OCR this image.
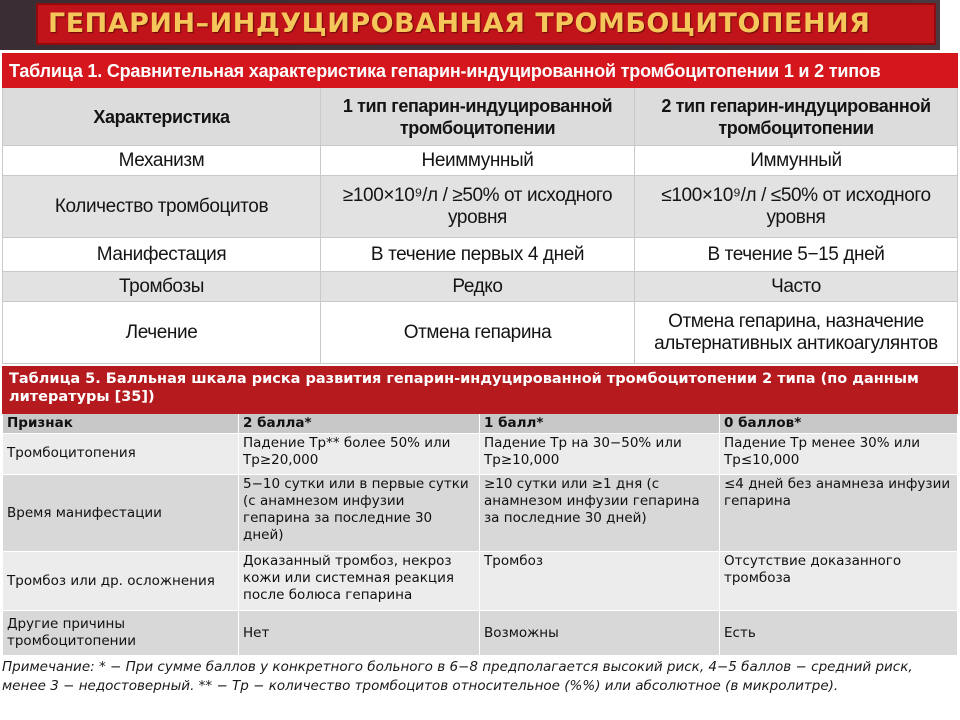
ГЕПАРИН–ИНДУЦИРОВАННАЯ ТРОМБОЦИТОПЕНИЯ
Таблица 1. Сравнительная характеристика гепарин-индуцированной тромбоцитопении 1 и 2 типов		
Характеристика	1 тип гепарин-индуцированной тромбоцитопении	2 тип гепарин-индуцированной тромбоцитопении
Механизм	Неиммунный	Иммунный
Количество тромбоцитов	≥100×10⁹/л / ≥50% от исходного уровня	≤100×10⁹/л / ≤50% от исходного уровня
Манифестация	В течение первых 4 дней	В течение 5−15 дней
Тромбозы	Редко	Часто
Лечение	Отмена гепарина	Отмена гепарина, назначение альтернативных антикоагулянтов
Таблица 5. Балльная шкала риска развития гепарин-индуцированной тромбоцитопении 2 типа (по данным литературы [35])			
Признак	2 балла*	1 балл*	0 баллов*
Тромбоцитопения	Падение Тр** более 50% или Тр≥20,000	Падение Тр на 30−50% или Тр≥10,000	Падение Тр менее 30% или Тр≤10,000
Время манифестации	5−10 сутки или в первые сутки (с анамнезом инфузии гепарина за последние 30 дней)	≥10 сутки или ≥1 дня (с анамнезом инфузии гепарина за последние 30 дней)	≤4 дней без анамнеза инфузии гепарина
Тромбоз или др. осложнения	Доказанный тромбоз, некроз кожи или системная реакция после болюса гепарина	Тромбоз	Отсутствие доказанного тромбоза
Другие причины тромбоцитопении	Нет	Возможны	Есть

Примечание: * − При сумме баллов у конкретного больного в 6−8 предполагается высокий риск, 4−5 баллов − средний риск, менее 3 − недостоверный. ** − Тр − количество тромбоцитов относительное (%%) или абсолютное (в микролитре).
